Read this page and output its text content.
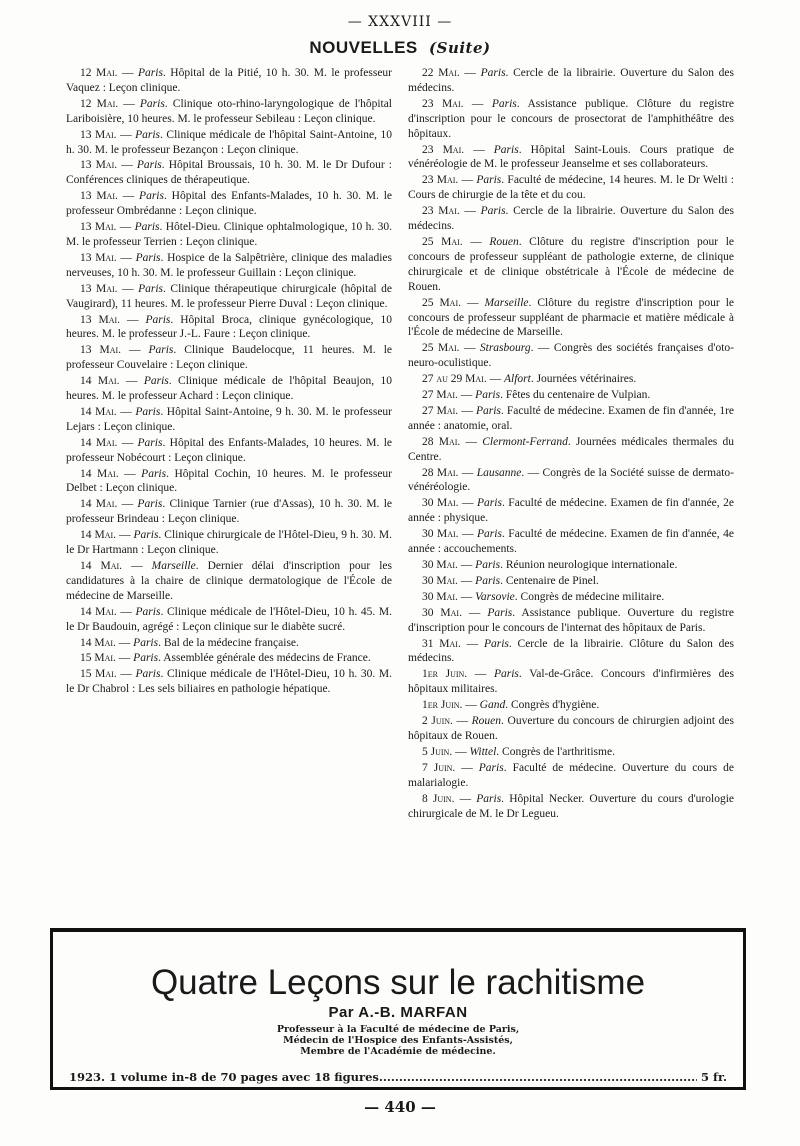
— XXXVIII —
NOUVELLES (Suite)
12 Mai. — Paris. Hôpital de la Pitié, 10 h. 30. M. le professeur Vaquez : Leçon clinique.
12 Mai. — Paris. Clinique oto-rhino-laryngologique de l'hôpital Lariboisière, 10 heures. M. le professeur Sebileau : Leçon clinique.
13 Mai. — Paris. Clinique médicale de l'hôpital Saint-Antoine, 10 h. 30. M. le professeur Bezançon : Leçon clinique.
13 Mai. — Paris. Hôpital Broussais, 10 h. 30. M. le Dr Dufour : Conférences cliniques de thérapeutique.
13 Mai. — Paris. Hôpital des Enfants-Malades, 10 h. 30. M. le professeur Ombrédanne : Leçon clinique.
13 Mai. — Paris. Hôtel-Dieu. Clinique ophtalmologique, 10 h. 30. M. le professeur Terrien : Leçon clinique.
13 Mai. — Paris. Hospice de la Salpêtrière, clinique des maladies nerveuses, 10 h. 30. M. le professeur Guillain : Leçon clinique.
13 Mai. — Paris. Clinique thérapeutique chirurgicale (hôpital de Vaugirard), 11 heures. M. le professeur Pierre Duval : Leçon clinique.
13 Mai. — Paris. Hôpital Broca, clinique gynécologique, 10 heures. M. le professeur J.-L. Faure : Leçon clinique.
13 Mai. — Paris. Clinique Baudelocque, 11 heures. M. le professeur Couvelaire : Leçon clinique.
14 Mai. — Paris. Clinique médicale de l'hôpital Beaujon, 10 heures. M. le professeur Achard : Leçon clinique.
14 Mai. — Paris. Hôpital Saint-Antoine, 9 h. 30. M. le professeur Lejars : Leçon clinique.
14 Mai. — Paris. Hôpital des Enfants-Malades, 10 heures. M. le professeur Nobécourt : Leçon clinique.
14 Mai. — Paris. Hôpital Cochin, 10 heures. M. le professeur Delbet : Leçon clinique.
14 Mai. — Paris. Clinique Tarnier (rue d'Assas), 10 h. 30. M. le professeur Brindeau : Leçon clinique.
14 Mai. — Paris. Clinique chirurgicale de l'Hôtel-Dieu, 9 h. 30. M. le Dr Hartmann : Leçon clinique.
14 Mai. — Marseille. Dernier délai d'inscription pour les candidatures à la chaire de clinique dermatologique de l'École de médecine de Marseille.
14 Mai. — Paris. Clinique médicale de l'Hôtel-Dieu, 10 h. 45. M. le Dr Baudouin, agrégé : Leçon clinique sur le diabète sucré.
14 Mai. — Paris. Bal de la médecine française.
15 Mai. — Paris. Assemblée générale des médecins de France.
15 Mai. — Paris. Clinique médicale de l'Hôtel-Dieu, 10 h. 30. M. le Dr Chabrol : Les sels biliaires en pathologie hépatique.
22 Mai. — Paris. Cercle de la librairie. Ouverture du Salon des médecins.
23 Mai. — Paris. Assistance publique. Clôture du registre d'inscription pour le concours de prosectorat de l'amphithéâtre des hôpitaux.
23 Mai. — Paris. Hôpital Saint-Louis. Cours pratique de vénéréologie de M. le professeur Jeanselme et ses collaborateurs.
23 Mai. — Paris. Faculté de médecine, 14 heures. M. le Dr Welti : Cours de chirurgie de la tête et du cou.
23 Mai. — Paris. Cercle de la librairie. Ouverture du Salon des médecins.
25 Mai. — Rouen. Clôture du registre d'inscription pour le concours de professeur suppléant de pathologie externe, de clinique chirurgicale et de clinique obstétricale à l'École de médecine de Rouen.
25 Mai. — Marseille. Clôture du registre d'inscription pour le concours de professeur suppléant de pharmacie et matière médicale à l'École de médecine de Marseille.
25 Mai. — Strasbourg. — Congrès des sociétés françaises d'oto-neuro-oculistique.
27 au 29 Mai. — Alfort. Journées vétérinaires.
27 Mai. — Paris. Fêtes du centenaire de Vulpian.
27 Mai. — Paris. Faculté de médecine. Examen de fin d'année, 1re année : anatomie, oral.
28 Mai. — Clermont-Ferrand. Journées médicales thermales du Centre.
28 Mai. — Lausanne. — Congrès de la Société suisse de dermato-vénéréologie.
30 Mai. — Paris. Faculté de médecine. Examen de fin d'année, 2e année : physique.
30 Mai. — Paris. Faculté de médecine. Examen de fin d'année, 4e année : accouchements.
30 Mai. — Paris. Réunion neurologique internationale.
30 Mai. — Paris. Centenaire de Pinel.
30 Mai. — Varsovie. Congrès de médecine militaire.
30 Mai. — Paris. Assistance publique. Ouverture du registre d'inscription pour le concours de l'internat des hôpitaux de Paris.
31 Mai. — Paris. Cercle de la librairie. Clôture du Salon des médecins.
1er Juin. — Paris. Val-de-Grâce. Concours d'infirmières des hôpitaux militaires.
1er Juin. — Gand. Congrès d'hygiène.
2 Juin. — Rouen. Ouverture du concours de chirurgien adjoint des hôpitaux de Rouen.
5 Juin. — Wittel. Congrès de l'arthritisme.
7 Juin. — Paris. Faculté de médecine. Ouverture du cours de malarialogie.
8 Juin. — Paris. Hôpital Necker. Ouverture du cours d'urologie chirurgicale de M. le Dr Legueu.
Quatre Leçons sur le rachitisme
Par A.-B. MARFAN
Professeur à la Faculté de médecine de Paris,
Médecin de l'Hospice des Enfants-Assistés,
Membre de l'Académie de médecine.
1923. 1 volume in-8 de 70 pages avec 18 figures
.....	5 fr.
— 440 —
